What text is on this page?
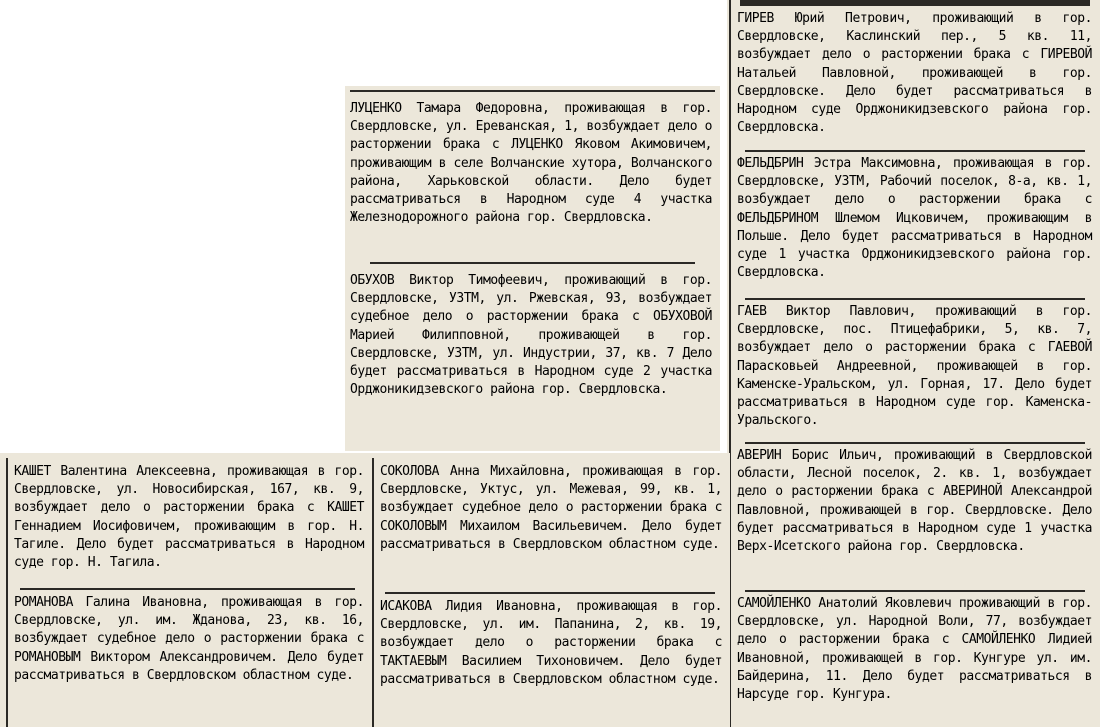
ЛУЦЕНКО Тамара Федоровна, проживающая в гор. Свердловске, ул. Ереванская, 1, возбуждает дело о расторжении брака с ЛУЦЕНКО Яковом Акимовичем, проживающим в селе Волчанские хутора, Волчанского района, Харьковской области. Дело будет рассматриваться в Народном суде 4 участка Железнодорожного района гор. Свердловска.
ОБУХОВ Виктор Тимофеевич, проживающий в гор. Свердловске, УЗТМ, ул. Ржевская, 93, возбуждает судебное дело о расторжении брака с ОБУХОВОЙ Марией Филипповной, проживающей в гор. Свердловске, УЗТМ, ул. Индустрии, 37, кв. 7 Дело будет рассматриваться в Народном суде 2 участка Орджоникидзевского района гор. Свердловска.
ГИРЕВ Юрий Петрович, проживающий в гор. Свердловске, Каслинский пер., 5 кв. 11, возбуждает дело о расторжении брака с ГИРЕВОЙ Натальей Павловной, проживающей в гор. Свердловске. Дело будет рассматриваться в Народном суде Орджоникидзевского района гор. Свердловска.
ФЕЛЬДБРИН Эстра Максимовна, проживающая в гор. Свердловске, УЗТМ, Рабочий поселок, 8-а, кв. 1, возбуждает дело о расторжении брака с ФЕЛЬДБРИНОМ Шлемом Ицковичем, проживающим в Польше. Дело будет рассматриваться в Народном суде 1 участка Орджоникидзевского района гор. Свердловска.
ГАЕВ Виктор Павлович, проживающий в гор. Свердловске, пос. Птицефабрики, 5, кв. 7, возбуждает дело о расторжении брака с ГАЕВОЙ Парасковьей Андреевной, проживающей в гор. Каменске-Уральском, ул. Горная, 17. Дело будет рассматриваться в Народном суде гор. Каменска-Уральского.
АВЕРИН Борис Ильич, проживающий в Свердловской области, Лесной поселок, 2. кв. 1, возбуждает дело о расторжении брака с АВЕРИНОЙ Александрой Павловной, проживающей в гор. Свердловске. Дело будет рассматриваться в Народном суде 1 участка Верх-Исетского района гор. Свердловска.
САМОЙЛЕНКО Анатолий Яковлевич проживающий в гор. Свердловске, ул. Народной Воли, 77, возбуждает дело о расторжении брака с САМОЙЛЕНКО Лидией Ивановной, проживающей в гор. Кунгуре ул. им. Байдерина, 11. Дело будет рассматриваться в Нарсуде гор. Кунгура.
КАШЕТ Валентина Алексеевна, проживающая в гор. Свердловске, ул. Новосибирская, 167, кв. 9, возбуждает дело о расторжении брака с КАШЕТ Геннадием Иосифовичем, проживающим в гор. Н. Тагиле. Дело будет рассматриваться в Народном суде гор. Н. Тагила.
РОМАНОВА Галина Ивановна, проживающая в гор. Свердловске, ул. им. Жданова, 23, кв. 16, возбуждает судебное дело о расторжении брака с РОМАНОВЫМ Виктором Александровичем. Дело будет рассматриваться в Свердловском областном суде.
СОКОЛОВА Анна Михайловна, проживающая в гор. Свердловске, Уктус, ул. Межевая, 99, кв. 1, возбуждает судебное дело о расторжении брака с СОКОЛОВЫМ Михаилом Васильевичем. Дело будет рассматриваться в Свердловском областном суде.
ИСАКОВА Лидия Ивановна, проживающая в гор. Свердловске, ул. им. Папанина, 2, кв. 19, возбуждает дело о расторжении брака с ТАКТАЕВЫМ Василием Тихоновичем. Дело будет рассматриваться в Свердловском областном суде.
